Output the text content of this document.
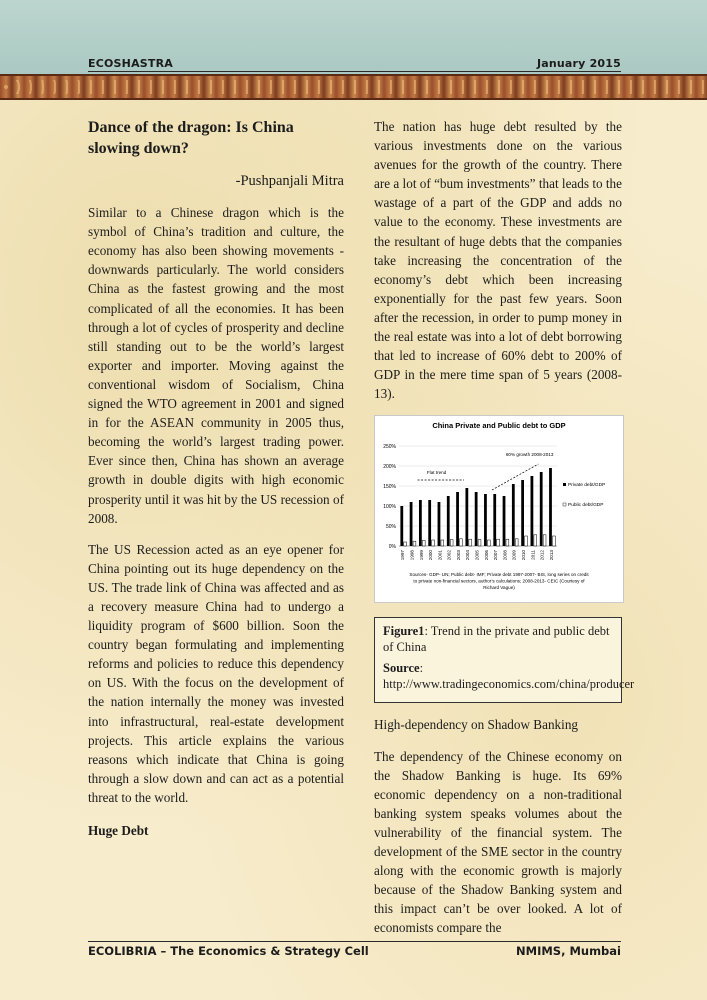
ECOSHASTRA	January 2015
Dance of the dragon: Is China slowing down?
-Pushpanjali Mitra

Similar to a Chinese dragon which is the symbol of China’s tradition and culture, the economy has also been showing movements - downwards particularly. The world considers China as the fastest growing and the most complicated of all the economies. It has been through a lot of cycles of prosperity and decline still standing out to be the world’s largest exporter and importer. Moving against the conventional wisdom of Socialism, China signed the WTO agreement in 2001 and signed in for the ASEAN community in 2005 thus, becoming the world’s largest trading power. Ever since then, China has shown an average growth in double digits with high economic prosperity until it was hit by the US recession of 2008.

The US Recession acted as an eye opener for China pointing out its huge dependency on the US. The trade link of China was affected and as a recovery measure China had to undergo a liquidity program of $600 billion. Soon the country began formulating and implementing reforms and policies to reduce this dependency on US. With the focus on the development of the nation internally the money was invested into infrastructural, real-estate development projects. This article explains the various reasons which indicate that China is going through a slow down and can act as a potential threat to the world.

Huge Debt

The nation has huge debt resulted by the various investments done on the various avenues for the growth of the country. There are a lot of “bum investments” that leads to the wastage of a part of the GDP and adds no value to the economy. These investments are the resultant of huge debts that the companies take increasing the concentration of the economy’s debt which been increasing exponentially for the past few years. Soon after the recession, in order to pump money in the real estate was into a lot of debt borrowing that led to increase of 60% debt to 200% of GDP in the mere time span of 5 years (2008-13).

China Private and Public debt to GDP
0%
50%
100%
150%
200%
250%
1997 1998 1999 2000 2001 2002 2003 2004 2005 2006 2007 2008 2009 2010 2011 2012 2013
Flat trend
60% growth 2008-2013
Private debt/GDP
Public debt/GDP
Sources- GDP- UN; Public debt- IMF; Private debt 1997-2007- BIS, long series on credit
to private non-financial sectors, author’s calculations; 2008-2013- CEIC (Courtesy of
Richard Vague)

Figure1: Trend in the private and public debt of China

Source:
http://www.tradingeconomics.com/china/producer

High-dependency on Shadow Banking

The dependency of the Chinese economy on the Shadow Banking is huge. Its 69% economic dependency on a non-traditional banking system speaks volumes about the vulnerability of the financial system. The development of the SME sector in the country along with the economic growth is majorly because of the Shadow Banking system and this impact can’t be over looked. A lot of economists compare the

ECOLIBRIA – The Economics & Strategy Cell	NMIMS, Mumbai
